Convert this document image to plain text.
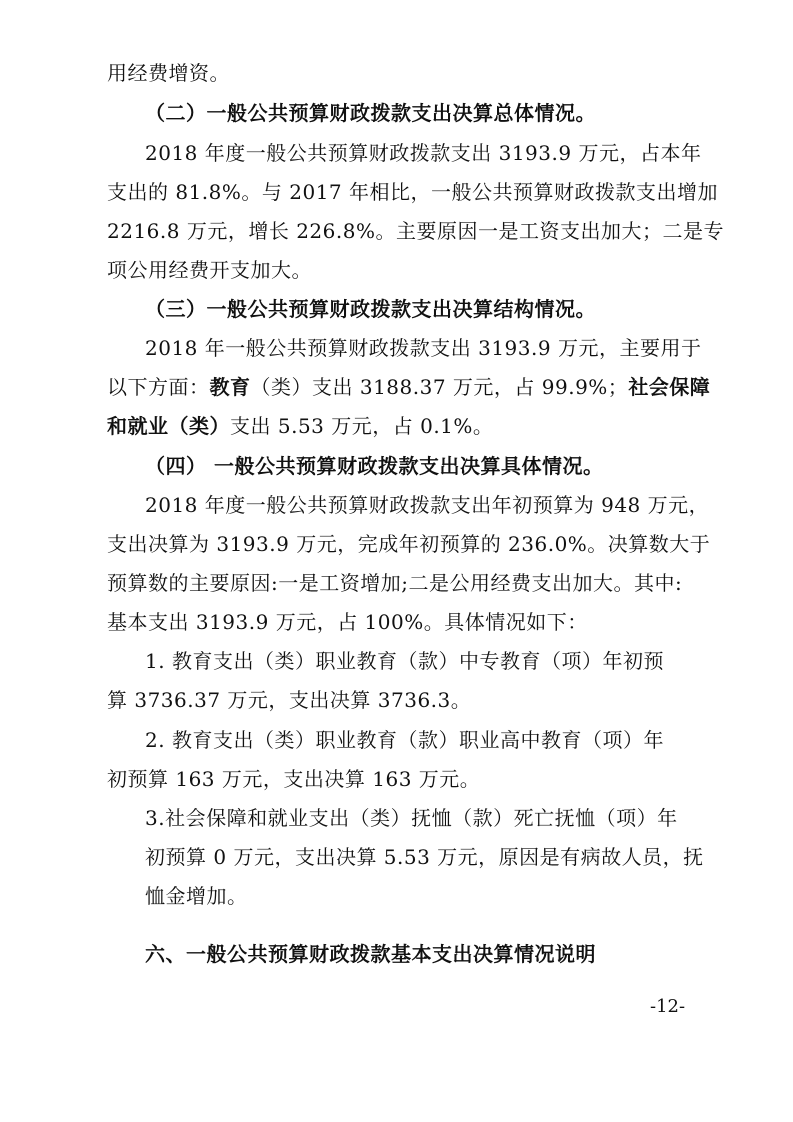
用经费增资。
（二）一般公共预算财政拨款支出决算总体情况。
2018 年度一般公共预算财政拨款支出 3193.9 万元，占本年
支出的 81.8%。与 2017 年相比，一般公共预算财政拨款支出增加
2216.8 万元，增长 226.8%。主要原因一是工资支出加大；二是专
项公用经费开支加大。
（三）一般公共预算财政拨款支出决算结构情况。
2018 年一般公共预算财政拨款支出 3193.9 万元，主要用于
以下方面：教育（类）支出 3188.37 万元，占 99.9%；社会保障
和就业（类）支出 5.53 万元，占 0.1%。
（四） 一般公共预算财政拨款支出决算具体情况。
2018 年度一般公共预算财政拨款支出年初预算为 948 万元，
支出决算为 3193.9 万元，完成年初预算的 236.0%。决算数大于
预算数的主要原因:一是工资增加;二是公用经费支出加大。其中:
基本支出 3193.9 万元，占 100%。具体情况如下：
1. 教育支出（类）职业教育（款）中专教育（项）年初预
算 3736.37 万元，支出决算 3736.3。
2. 教育支出（类）职业教育（款）职业高中教育（项）年
初预算 163 万元，支出决算 163 万元。
3.社会保障和就业支出（类）抚恤（款）死亡抚恤（项）年
初预算 0 万元，支出决算 5.53 万元，原因是有病故人员，抚
恤金增加。
六、一般公共预算财政拨款基本支出决算情况说明
-12-
